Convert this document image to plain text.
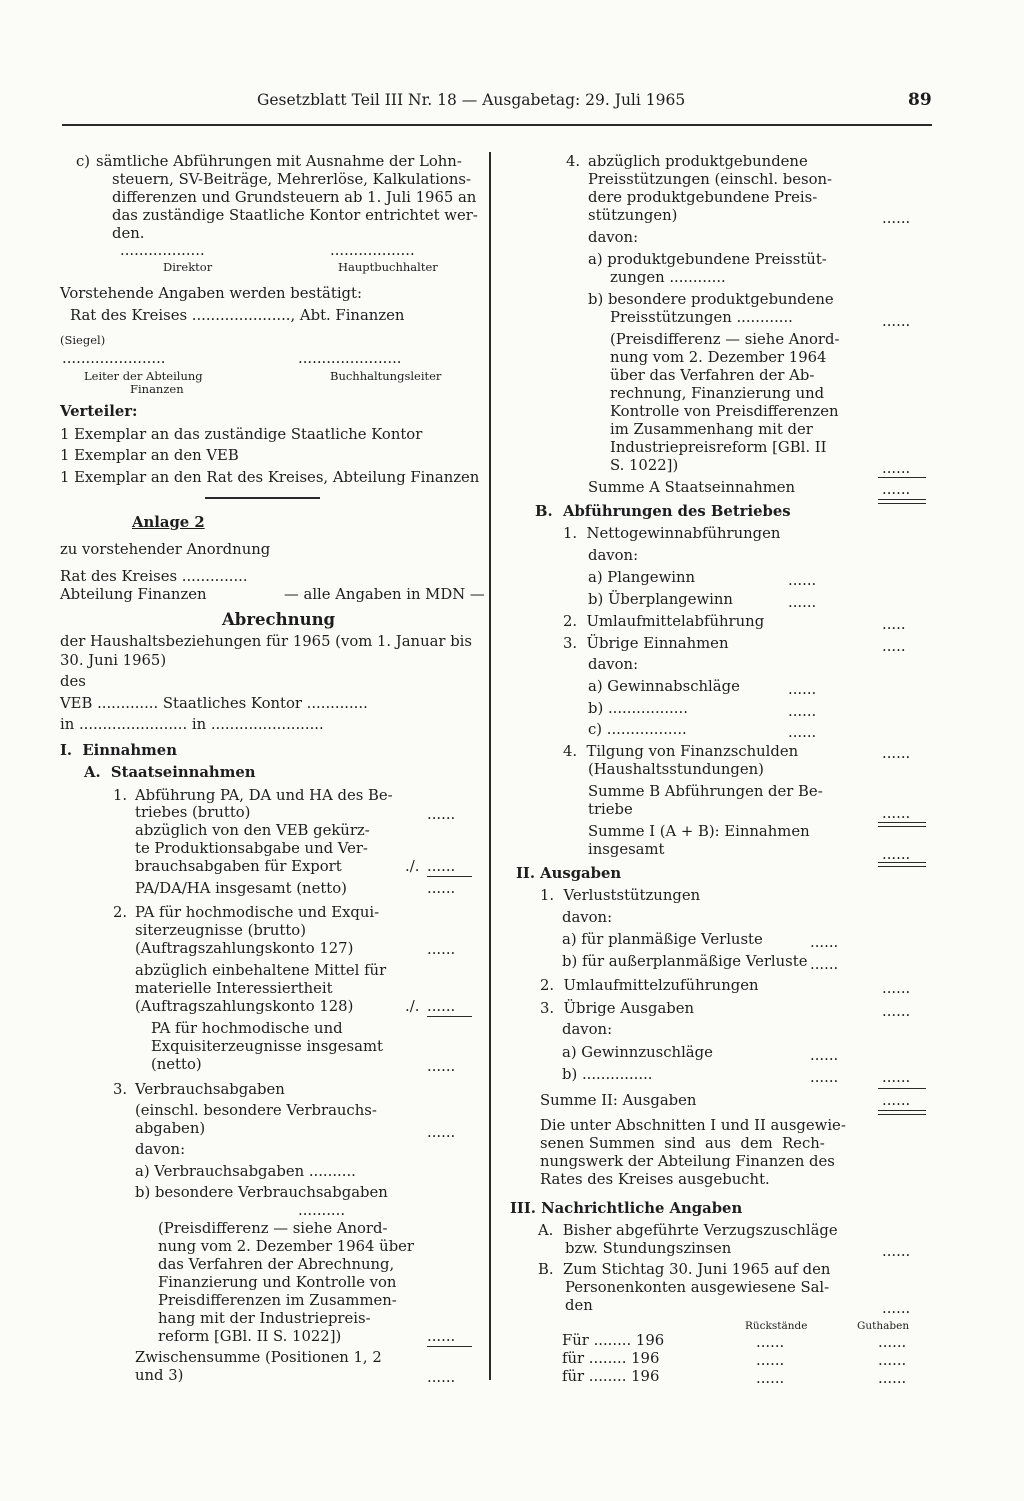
Gesetzblatt Teil III Nr. 18 — Ausgabetag: 29. Juli 1965	89
c) sämtliche Abführungen mit Ausnahme der Lohn-
steuern, SV-Beiträge, Mehrerlöse, Kalkulations-
differenzen und Grundsteuern ab 1. Juli 1965 an
das zuständige Staatliche Kontor entrichtet wer-
den.
..................
Direktor
..................
Hauptbuchhalter
Vorstehende Angaben werden bestätigt:
Rat des Kreises ....................., Abt. Finanzen
(Siegel)
......................
Leiter der Abteilung
Finanzen
......................
Buchhaltungsleiter
Verteiler:
1 Exemplar an das zuständige Staatliche Kontor
1 Exemplar an den VEB
1 Exemplar an den Rat des Kreises, Abteilung Finanzen
Anlage 2
zu vorstehender Anordnung
Rat des Kreises ..............
Abteilung Finanzen	— alle Angaben in MDN —
Abrechnung
der Haushaltsbeziehungen für 1965 (vom 1. Januar bis
30. Juni 1965)
des
VEB ............. Staatliches Kontor .............
in ....................... in ........................
I.  Einnahmen
A.  Staatseinnahmen
1. Abführung PA, DA und HA des Be-
triebes (brutto)	......
abzüglich von den VEB gekürz-
te Produktionsabgabe und Ver-
brauchsabgaben für Export	./. ......
PA/DA/HA insgesamt (netto)	......
2. PA für hochmodische und Exqui-
siterzeugnisse (brutto)
(Auftragszahlungskonto 127)	......
abzüglich einbehaltene Mittel für
materielle Interessiertheit
(Auftragszahlungskonto 128)	./. ......
PA für hochmodische und
Exquisiterzeugnisse insgesamt
(netto)	......
3. Verbrauchsabgaben
(einschl. besondere Verbrauchs-
abgaben)	......
davon:
a) Verbrauchsabgaben ..........
b) besondere Verbrauchsabgaben
..........
(Preisdifferenz — siehe Anord-
nung vom 2. Dezember 1964 über
das Verfahren der Abrechnung,
Finanzierung und Kontrolle von
Preisdifferenzen im Zusammen-
hang mit der Industriepreis-
reform [GBl. II S. 1022])	......
Zwischensumme (Positionen 1, 2
und 3)	......
4. abzüglich produktgebundene
Preisstützungen (einschl. beson-
dere produktgebundene Preis-
stützungen)	......
davon:
a) produktgebundene Preisstüt-
zungen ............
b) besondere produktgebundene
Preisstützungen ............	......
(Preisdifferenz — siehe Anord-
nung vom 2. Dezember 1964
über das Verfahren der Ab-
rechnung, Finanzierung und
Kontrolle von Preisdifferenzen
im Zusammenhang mit der
Industriepreisreform [GBl. II
S. 1022])	......
Summe A Staatseinnahmen	......
B.  Abführungen des Betriebes
1.  Nettogewinnabführungen
davon:
a) Plangewinn	......
b) Überplangewinn	......
2.  Umlaufmittelabführung	.....
3.  Übrige Einnahmen	.....
davon:
a) Gewinnabschläge	......
b) .................	......
c) .................	......
4.  Tilgung von Finanzschulden
(Haushaltsstundungen)
......
Summe B Abführungen der Be-
triebe	......
Summe I (A + B): Einnahmen
insgesamt	......
II. Ausgaben
1.  Verluststützungen
davon:
a) für planmäßige Verluste	......
b) für außerplanmäßige Verluste ......
2.  Umlaufmittelzuführungen	......
3.  Übrige Ausgaben	......
davon:
a) Gewinnzuschläge	......
b) ...............	......	......
Summe II: Ausgaben	......
Die unter Abschnitten I und II ausgewie-
senen Summen  sind  aus  dem  Rech-
nungswerk der Abteilung Finanzen des
Rates des Kreises ausgebucht.
III. Nachrichtliche Angaben
A.  Bisher abgeführte Verzugszuschläge
bzw. Stundungszinsen	......
B.  Zum Stichtag 30. Juni 1965 auf den
Personenkonten ausgewiesene Sal-
den	......
Rückstände	Guthaben
Für ........ 196	......	......
für ........ 196	......	......
für ........ 196	......	......
